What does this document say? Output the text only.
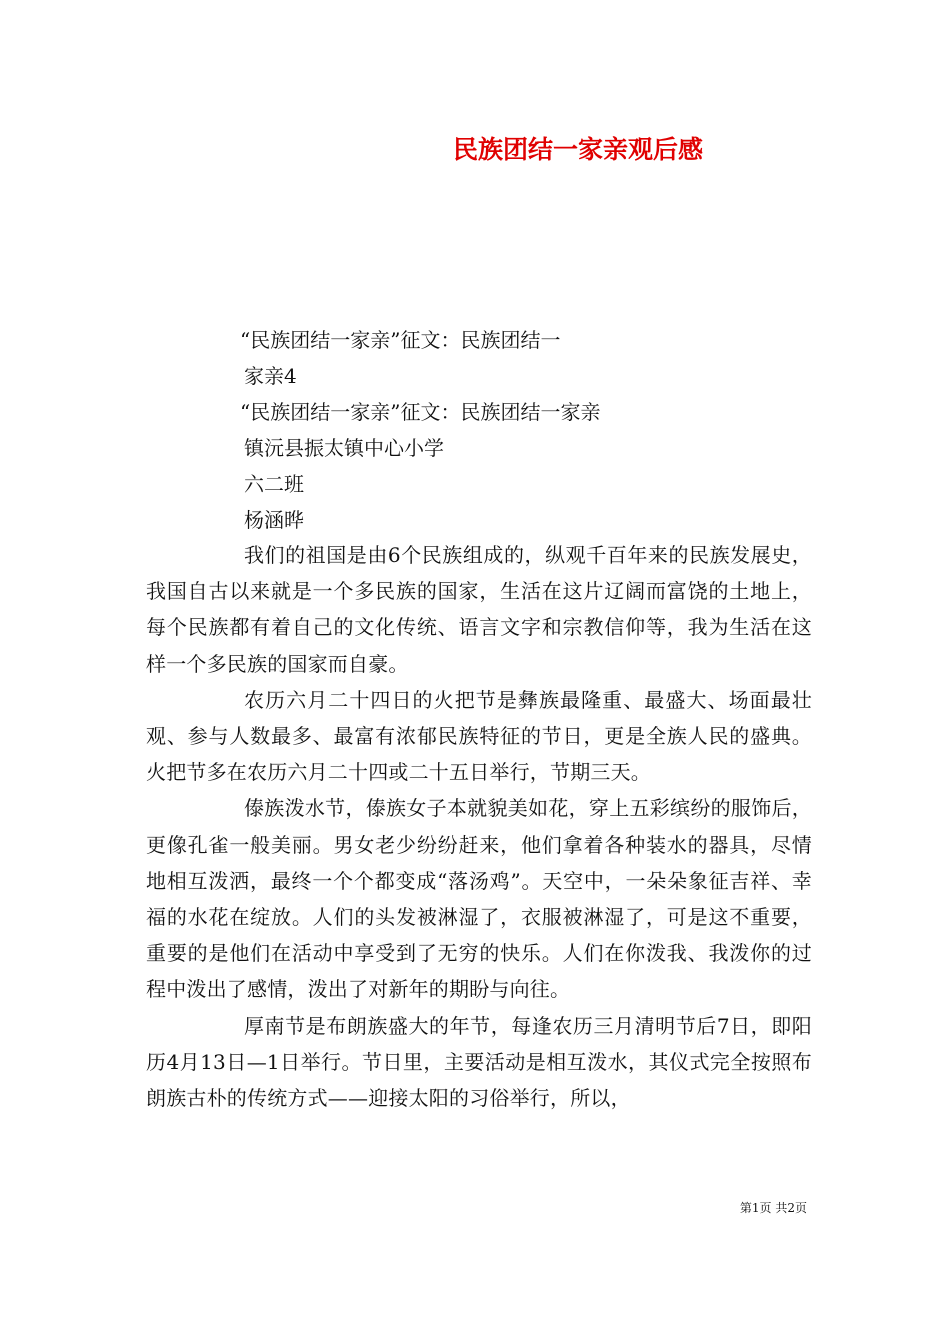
民族团结一家亲观后感

“民族团结一家亲”征文：民族团结一

家亲4

“民族团结一家亲”征文：民族团结一家亲

镇沅县振太镇中心小学

六二班

杨涵晔

我们的祖国是由6个民族组成的，纵观千百年来的民族发展史，我国自古以来就是一个多民族的国家，生活在这片辽阔而富饶的土地上，每个民族都有着自己的文化传统、语言文字和宗教信仰等，我为生活在这样一个多民族的国家而自豪。

农历六月二十四日的火把节是彝族最隆重、最盛大、场面最壮观、参与人数最多、最富有浓郁民族特征的节日，更是全族人民的盛典。火把节多在农历六月二十四或二十五日举行，节期三天。

傣族泼水节，傣族女子本就貌美如花，穿上五彩缤纷的服饰后，更像孔雀一般美丽。男女老少纷纷赶来，他们拿着各种装水的器具，尽情地相互泼洒，最终一个个都变成“落汤鸡”。天空中，一朵朵象征吉祥、幸福的水花在绽放。人们的头发被淋湿了，衣服被淋湿了，可是这不重要，重要的是他们在活动中享受到了无穷的快乐。人们在你泼我、我泼你的过程中泼出了感情，泼出了对新年的期盼与向往。

厚南节是布朗族盛大的年节，每逢农历三月清明节后7日，即阳历4月13日—1日举行。节日里，主要活动是相互泼水，其仪式完全按照布朗族古朴的传统方式——迎接太阳的习俗举行，所以，

第1页 共2页
